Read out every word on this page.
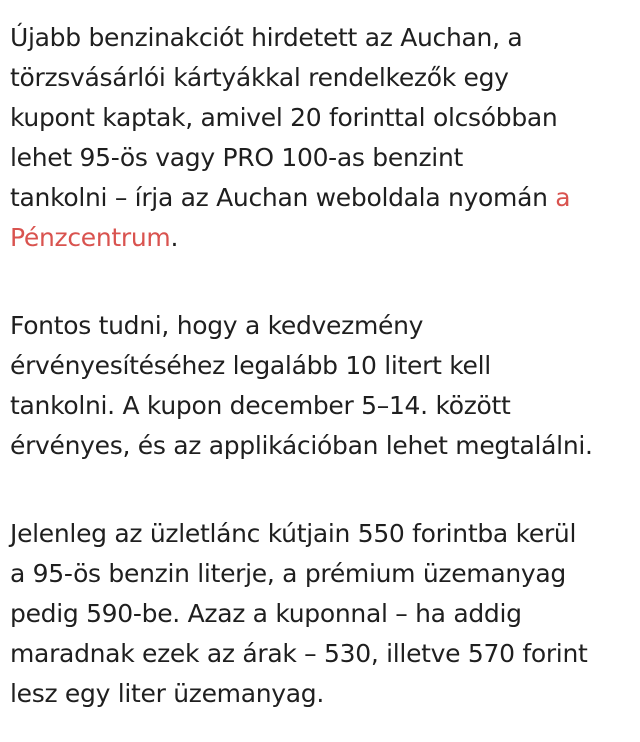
Újabb benzinakciót hirdetett az Auchan, a
törzsvásárlói kártyákkal rendelkezők egy
kupont kaptak, amivel 20 forinttal olcsóbban
lehet 95-ös vagy PRO 100-as benzint
tankolni – írja az Auchan weboldala nyomán a
Pénzcentrum.

Fontos tudni, hogy a kedvezmény
érvényesítéséhez legalább 10 litert kell
tankolni. A kupon december 5–14. között
érvényes, és az applikációban lehet megtalálni.

Jelenleg az üzletlánc kútjain 550 forintba kerül
a 95-ös benzin literje, a prémium üzemanyag
pedig 590-be. Azaz a kuponnal – ha addig
maradnak ezek az árak – 530, illetve 570 forint
lesz egy liter üzemanyag.
